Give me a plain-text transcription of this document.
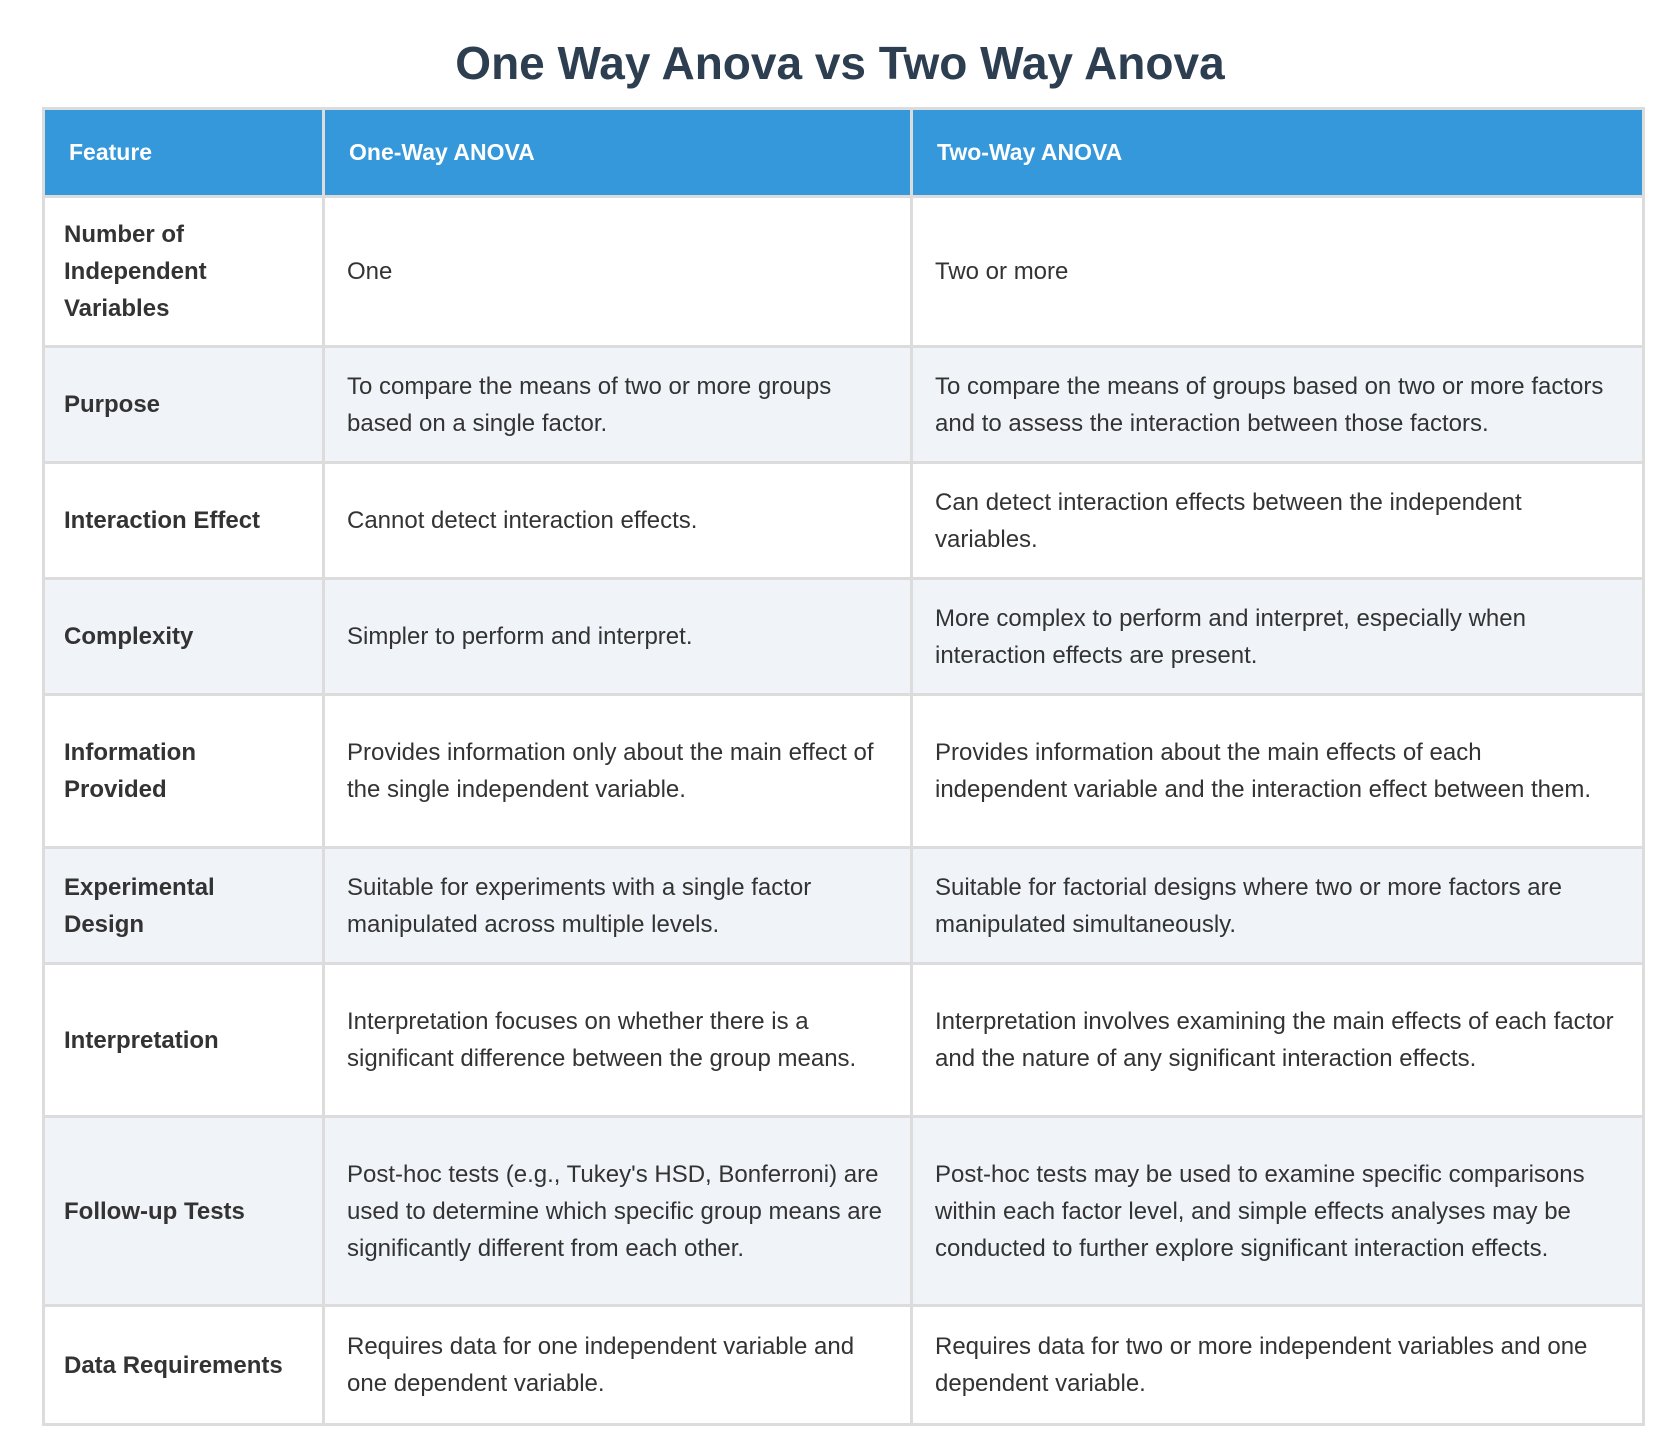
One Way Anova vs Two Way Anova
Feature	One-Way ANOVA	Two-Way ANOVA
Number of Independent Variables	One	Two or more
Purpose	To compare the means of two or more groups based on a single factor.	To compare the means of groups based on two or more factors and to assess the interaction between those factors.
Interaction Effect	Cannot detect interaction effects.	Can detect interaction effects between the independent variables.
Complexity	Simpler to perform and interpret.	More complex to perform and interpret, especially when interaction effects are present.
Information Provided	Provides information only about the main effect of the single independent variable.	Provides information about the main effects of each independent variable and the interaction effect between them.
Experimental Design	Suitable for experiments with a single factor manipulated across multiple levels.	Suitable for factorial designs where two or more factors are manipulated simultaneously.
Interpretation	Interpretation focuses on whether there is a significant difference between the group means.	Interpretation involves examining the main effects of each factor and the nature of any significant interaction effects.
Follow-up Tests	Post-hoc tests (e.g., Tukey's HSD, Bonferroni) are used to determine which specific group means are significantly different from each other.	Post-hoc tests may be used to examine specific comparisons within each factor level, and simple effects analyses may be conducted to further explore significant interaction effects.
Data Requirements	Requires data for one independent variable and one dependent variable.	Requires data for two or more independent variables and one dependent variable.
